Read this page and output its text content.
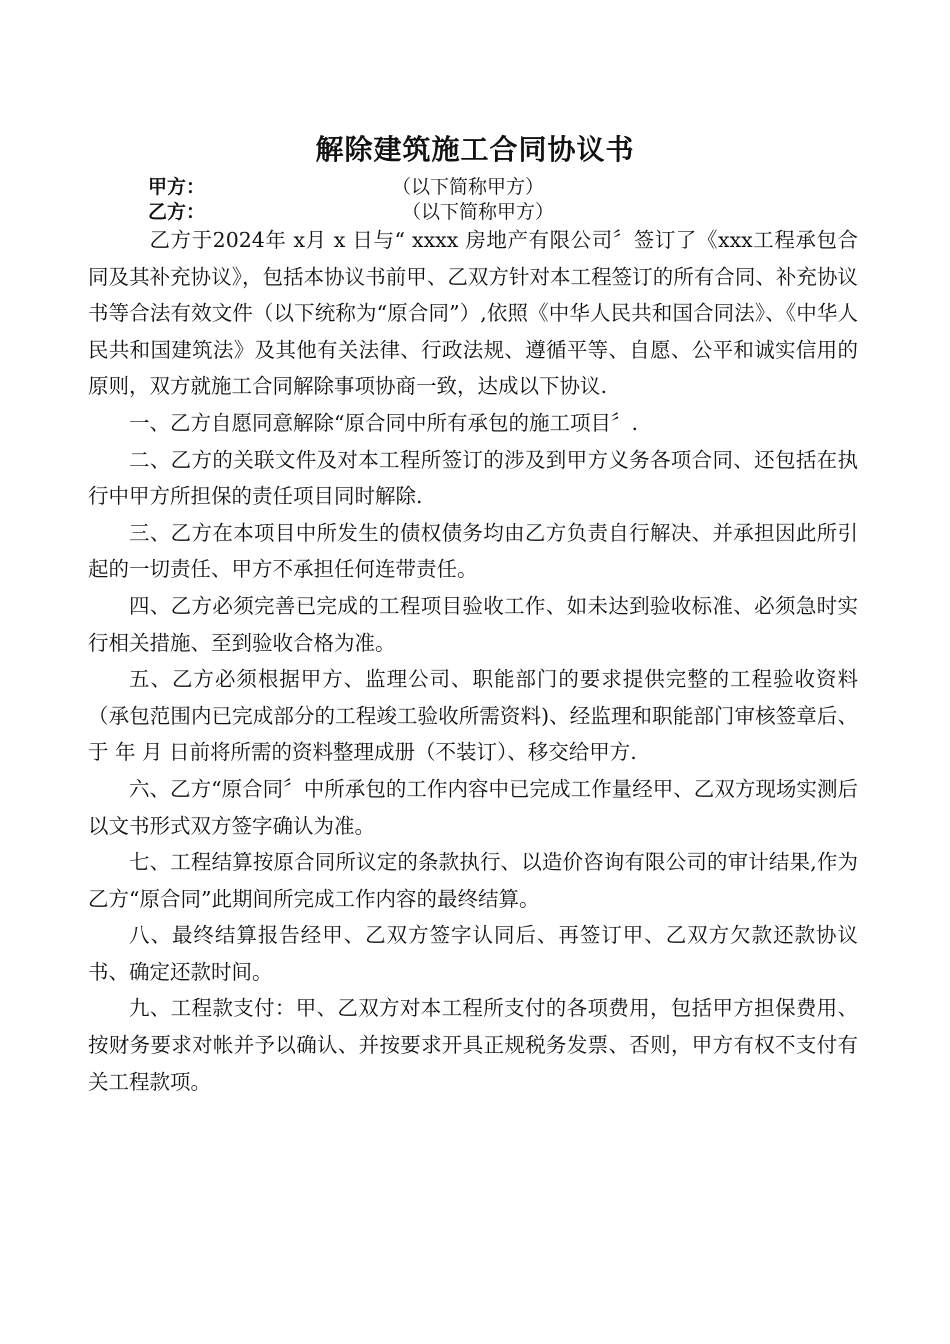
解除建筑施工合同协议书
甲方：	（以下简称甲方）
乙方：	（以下简称甲方）

乙方于2024年 x月 x 日与“ xxxx 房地产有限公司〞签订了《xxx工程承包合同及其补充协议》，包括本协议书前甲、乙双方针对本工程签订的所有合同、补充协议书等合法有效文件（以下统称为“原合同”）,依照《中华人民共和国合同法》、《中华人民共和国建筑法》及其他有关法律、行政法规、遵循平等、自愿、公平和诚实信用的原则，双方就施工合同解除事项协商一致，达成以下协议.

一、乙方自愿同意解除“原合同中所有承包的施工项目〞.

二、乙方的关联文件及对本工程所签订的涉及到甲方义务各项合同、还包括在执行中甲方所担保的责任项目同时解除.

三、乙方在本项目中所发生的债权债务均由乙方负责自行解决、并承担因此所引起的一切责任、甲方不承担任何连带责任。

四、乙方必须完善已完成的工程项目验收工作、如未达到验收标准、必须急时实行相关措施、至到验收合格为准。

五、乙方必须根据甲方、监理公司、职能部门的要求提供完整的工程验收资料（承包范围内已完成部分的工程竣工验收所需资料)、经监理和职能部门审核签章后、 于 年 月 日前将所需的资料整理成册（不装订）、移交给甲方.

六、乙方“原合同〞中所承包的工作内容中已完成工作量经甲、乙双方现场实测后以文书形式双方签字确认为准。

七、工程结算按原合同所议定的条款执行、以造价咨询有限公司的审计结果,作为乙方“原合同”此期间所完成工作内容的最终结算。

八、最终结算报告经甲、乙双方签字认同后、再签订甲、乙双方欠款还款协议书、确定还款时间。

九、工程款支付：甲、乙双方对本工程所支付的各项费用，包括甲方担保费用、按财务要求对帐并予以确认、并按要求开具正规税务发票、否则，甲方有权不支付有关工程款项。
